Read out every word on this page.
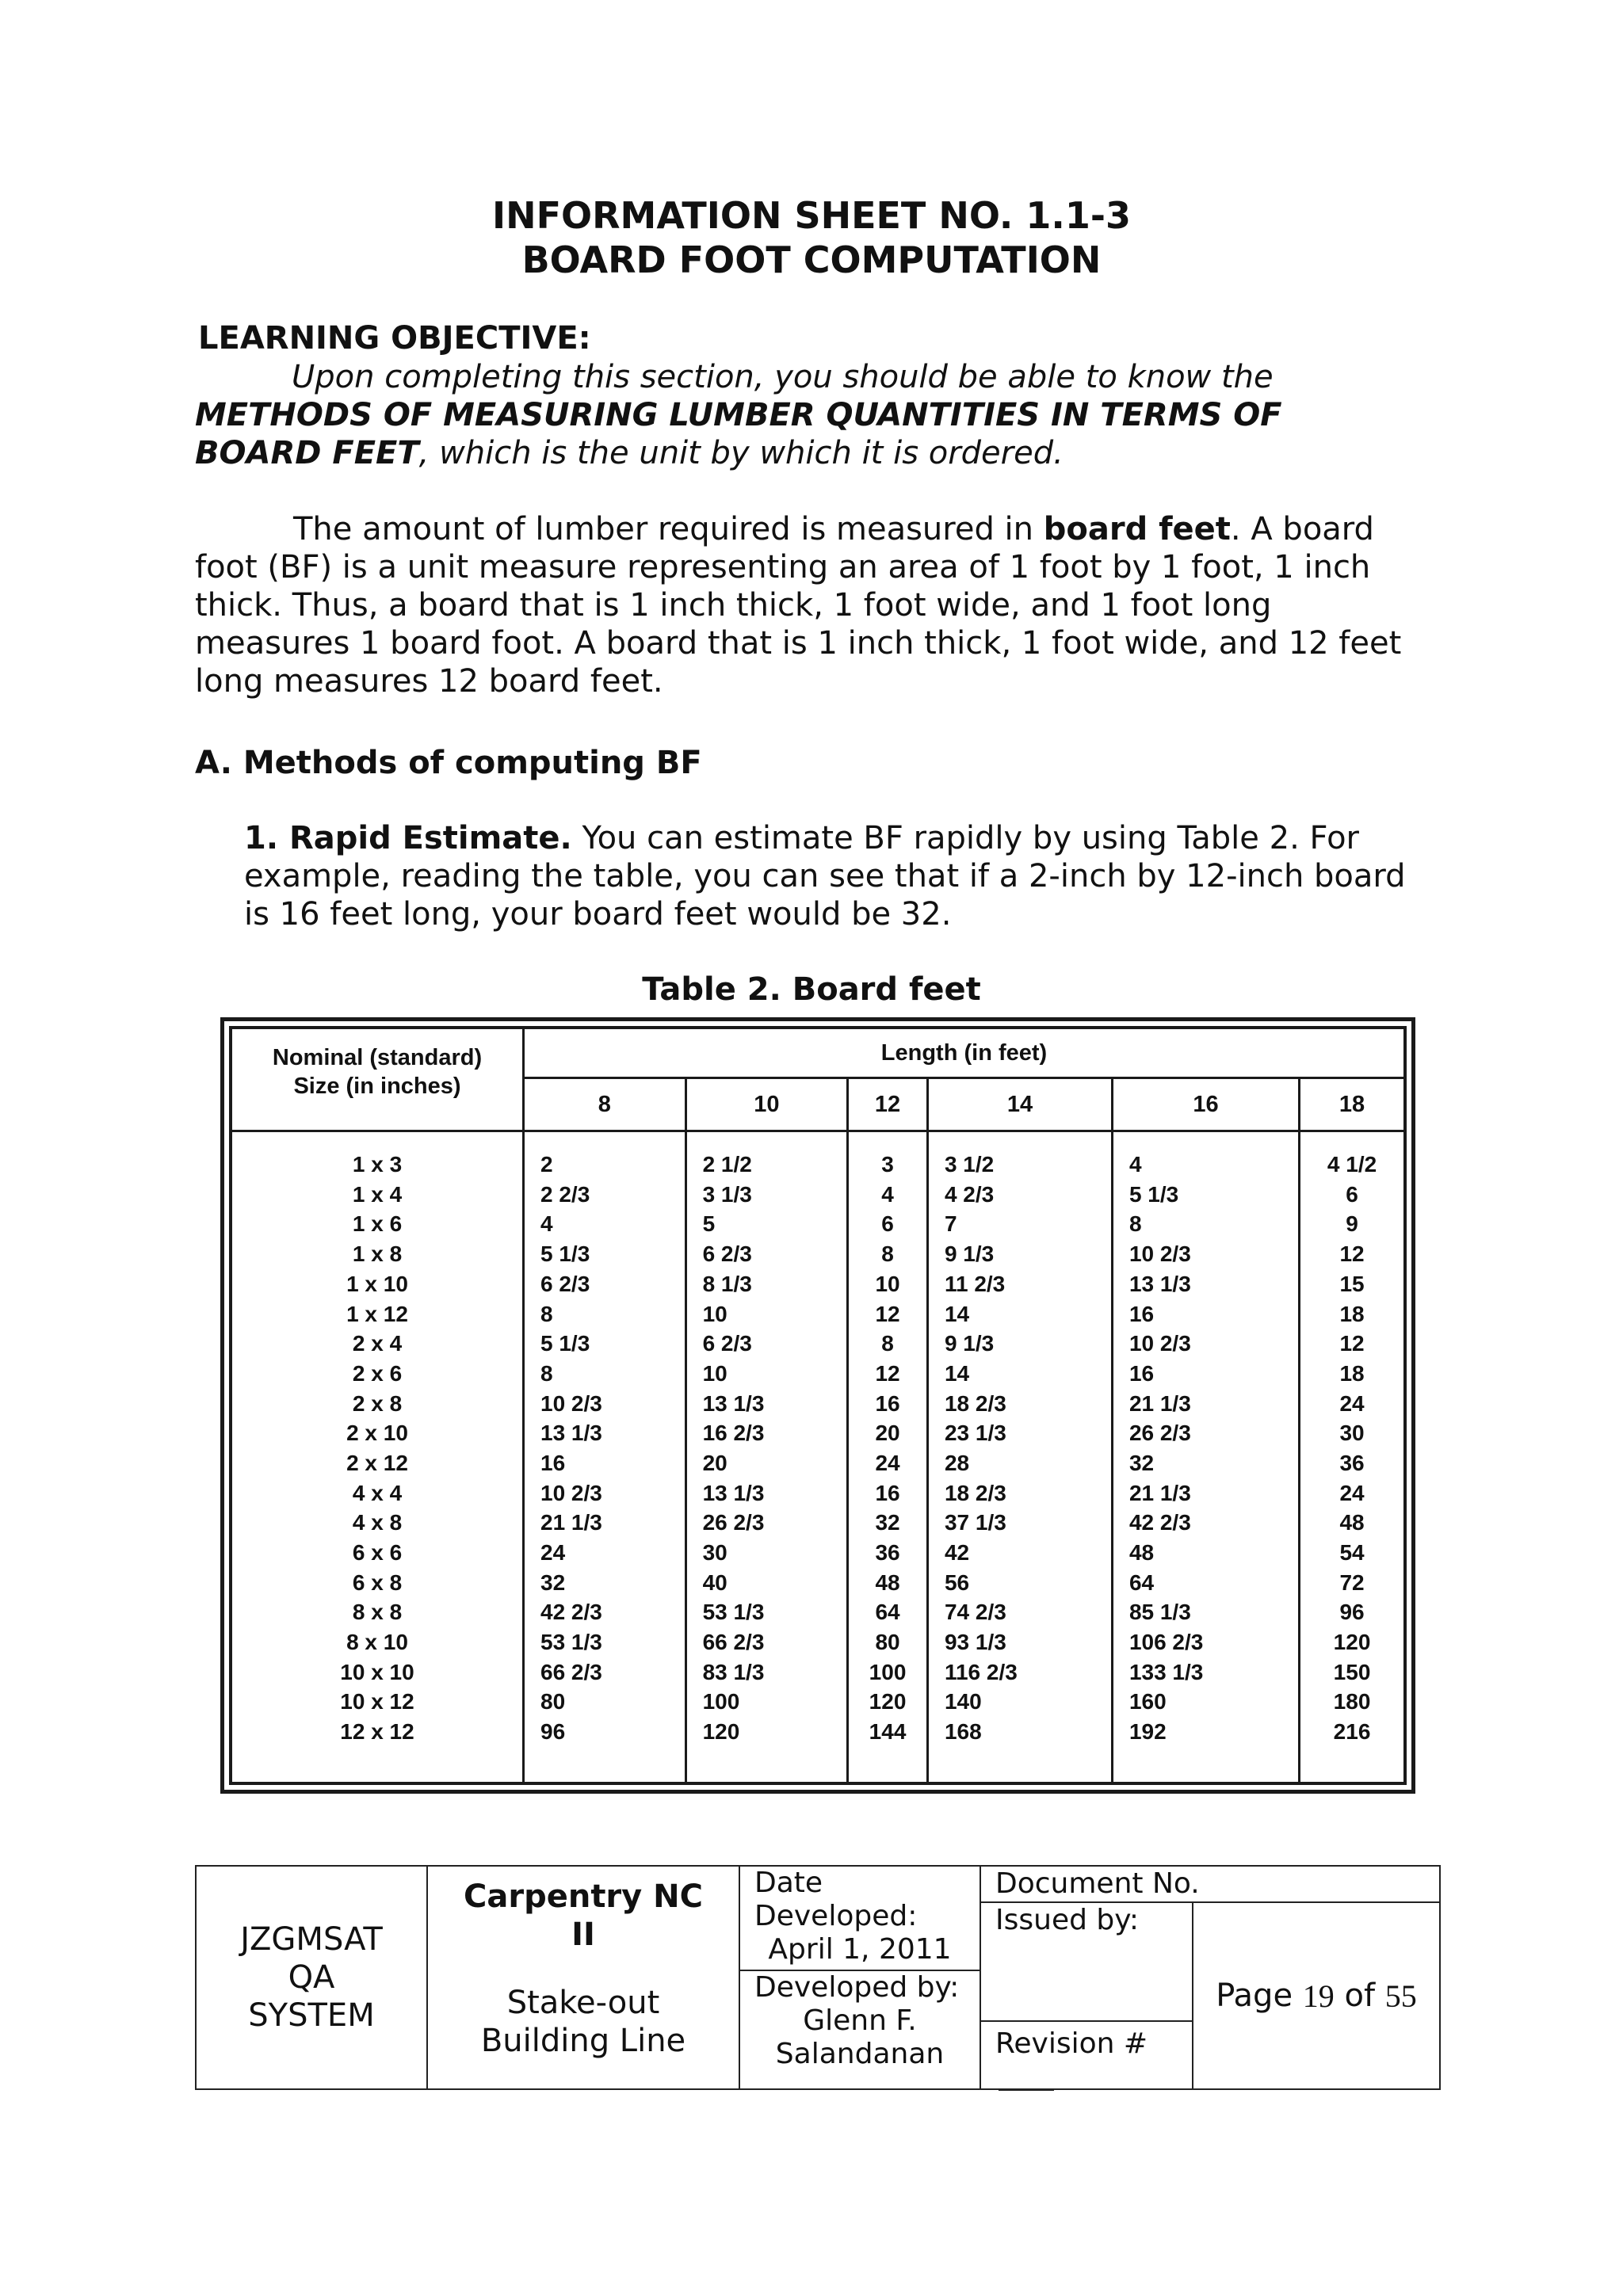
INFORMATION SHEET NO. 1.1-3
BOARD FOOT COMPUTATION
LEARNING OBJECTIVE:
Upon completing this section, you should be able to know the
METHODS OF MEASURING LUMBER QUANTITIES IN TERMS OF BOARD FEET, which is the unit by which it is ordered.
The amount of lumber required is measured in board feet. A board foot (BF) is a unit measure representing an area of 1 foot by 1 foot, 1 inch thick. Thus, a board that is 1 inch thick, 1 foot wide, and 1 foot long measures 1 board foot. A board that is 1 inch thick, 1 foot wide, and 12 feet long measures 12 board feet.
A. Methods of computing BF
1. Rapid Estimate. You can estimate BF rapidly by using Table 2. For example, reading the table, you can see that if a 2-inch by 12-inch board is 16 feet long, your board feet would be 32.
Table 2. Board feet
Nominal (standard)
Size (in inches)	Length (in feet)					
	8	10	12	14	16	18
1 x 3	2	2 1/2	3	3 1/2	4	4 1/2
1 x 4	2 2/3	3 1/3	4	4 2/3	5 1/3	6
1 x 6	4	5	6	7	8	9
1 x 8	5 1/3	6 2/3	8	9 1/3	10 2/3	12
1 x 10	6 2/3	8 1/3	10	11 2/3	13 1/3	15
1 x 12	8	10	12	14	16	18
2 x 4	5 1/3	6 2/3	8	9 1/3	10 2/3	12
2 x 6	8	10	12	14	16	18
2 x 8	10 2/3	13 1/3	16	18 2/3	21 1/3	24
2 x 10	13 1/3	16 2/3	20	23 1/3	26 2/3	30
2 x 12	16	20	24	28	32	36
4 x 4	10 2/3	13 1/3	16	18 2/3	21 1/3	24
4 x 8	21 1/3	26 2/3	32	37 1/3	42 2/3	48
6 x 6	24	30	36	42	48	54
6 x 8	32	40	48	56	64	72
8 x 8	42 2/3	53 1/3	64	74 2/3	85 1/3	96
8 x 10	53 1/3	66 2/3	80	93 1/3	106 2/3	120
10 x 10	66 2/3	83 1/3	100	116 2/3	133 1/3	150
10 x 12	80	100	120	140	160	180
12 x 12	96	120	144	168	192	216

JZGMSAT
QA
SYSTEM

Carpentry NC
II
Stake-out
Building Line

Date
Developed:
April 1, 2011
Developed by:
Glenn F.
Salandanan

Document No.
Issued by:
Revision #
Page
19
of
55
